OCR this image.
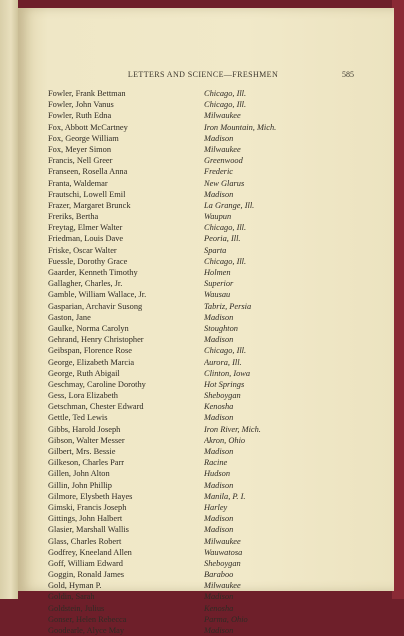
LETTERS AND SCIENCE—FRESHMEN	585
Fowler, Frank Bettman	Chicago, Ill.
Fowler, John Vanus	Chicago, Ill.
Fowler, Ruth Edna	Milwaukee
Fox, Abbott McCartney	Iron Mountain, Mich.
Fox, George William	Madison
Fox, Meyer Simon	Milwaukee
Francis, Nell Greer	Greenwood
Franseen, Rosella Anna	Frederic
Franta, Waldemar	New Glarus
Frautschi, Lowell Emil	Madison
Frazer, Margaret Brunck	La Grange, Ill.
Freriks, Bertha	Waupun
Freytag, Elmer Walter	Chicago, Ill.
Friedman, Louis Dave	Peoria, Ill.
Friske, Oscar Walter	Sparta
Fuessle, Dorothy Grace	Chicago, Ill.
Gaarder, Kenneth Timothy	Holmen
Gallagher, Charles, Jr.	Superior
Gamble, William Wallace, Jr.	Wausau
Gasparian, Archavir Susong	Tabriz, Persia
Gaston, Jane	Madison
Gaulke, Norma Carolyn	Stoughton
Gehrand, Henry Christopher	Madison
Geibspan, Florence Rose	Chicago, Ill.
George, Elizabeth Marcia	Aurora, Ill.
George, Ruth Abigail	Clinton, Iowa
Geschmay, Caroline Dorothy	Hot Springs
Gess, Lora Elizabeth	Sheboygan
Getschman, Chester Edward	Kenosha
Gettle, Ted Lewis	Madison
Gibbs, Harold Joseph	Iron River, Mich.
Gibson, Walter Messer	Akron, Ohio
Gilbert, Mrs. Bessie	Madison
Gilkeson, Charles Parr	Racine
Gillen, John Alton	Hudson
Gillin, John Phillip	Madison
Gilmore, Elysbeth Hayes	Manila, P. I.
Gimski, Francis Joseph	Harley
Gittings, John Halbert	Madison
Glasier, Marshall Wallis	Madison
Glass, Charles Robert	Milwaukee
Godfrey, Kneeland Allen	Wauwatosa
Goff, William Edward	Sheboygan
Goggin, Ronald James	Baraboo
Gold, Hyman P.	Milwaukee
Goldin, Sarah	Madison
Goldstein, Julius	Kenosha
Gonser, Helen Rebecca	Parma, Ohio
Goodearle, Alyce May	Madison
